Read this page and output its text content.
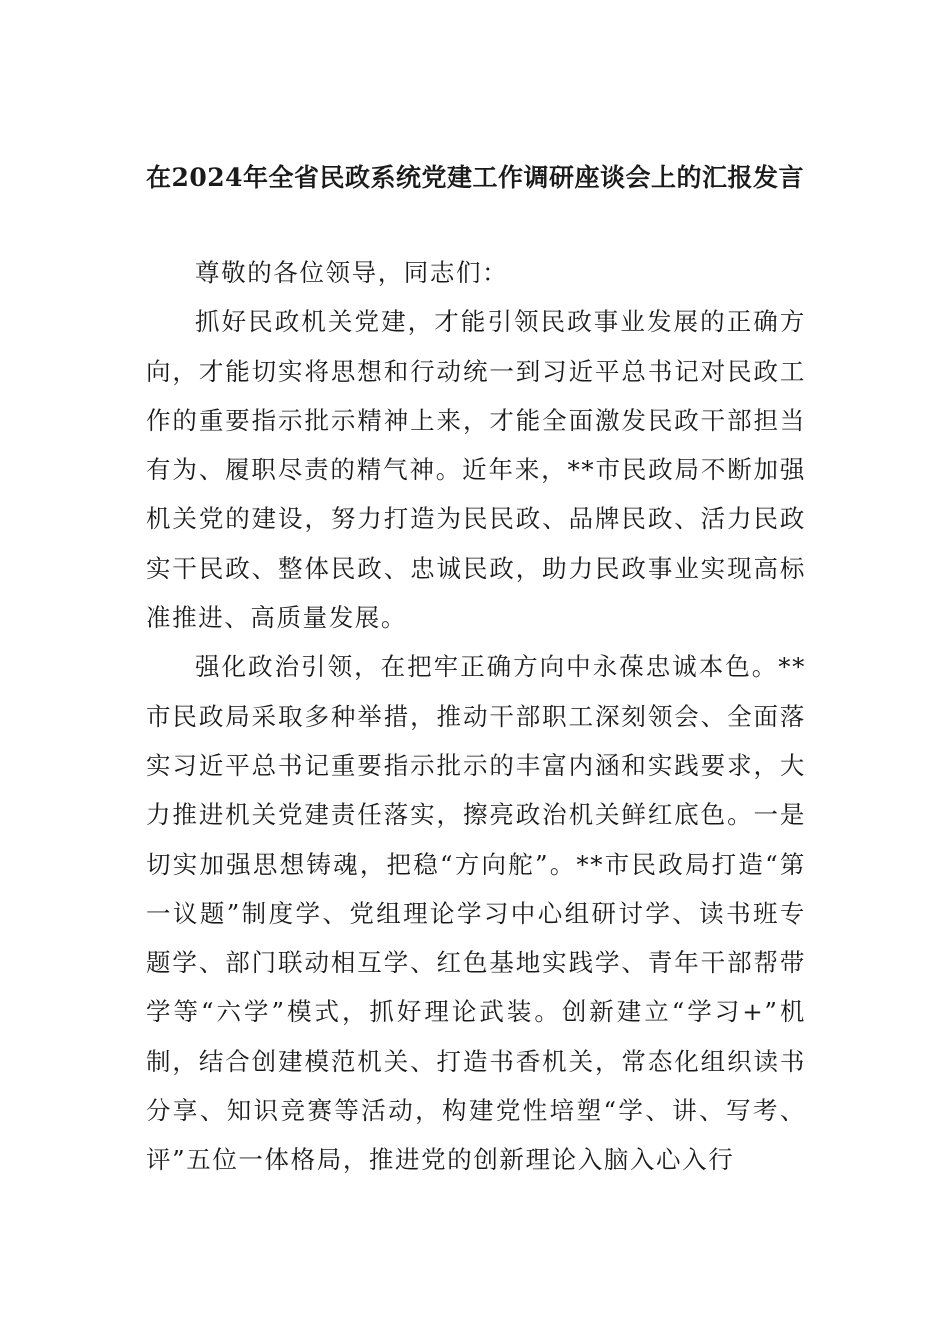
在2024年全省民政系统党建工作调研座谈会上的汇报发言

尊敬的各位领导，同志们：

抓好民政机关党建，才能引领民政事业发展的正确方向，才能切实将思想和行动统一到习近平总书记对民政工作的重要指示批示精神上来，才能全面激发民政干部担当有为、履职尽责的精气神。近年来，**市民政局不断加强机关党的建设，努力打造为民民政、品牌民政、活力民政实干民政、整体民政、忠诚民政，助力民政事业实现高标准推进、高质量发展。

强化政治引领，在把牢正确方向中永葆忠诚本色。**市民政局采取多种举措，推动干部职工深刻领会、全面落实习近平总书记重要指示批示的丰富内涵和实践要求，大力推进机关党建责任落实，擦亮政治机关鲜红底色。一是切实加强思想铸魂，把稳“方向舵”。**市民政局打造“第一议题”制度学、党组理论学习中心组研讨学、读书班专题学、部门联动相互学、红色基地实践学、青年干部帮带学等“六学”模式，抓好理论武装。创新建立“学习+”机制，结合创建模范机关、打造书香机关，常态化组织读书分享、知识竞赛等活动，构建党性培塑“学、讲、写考、评”五位一体格局，推进党的创新理论入脑入心入行
